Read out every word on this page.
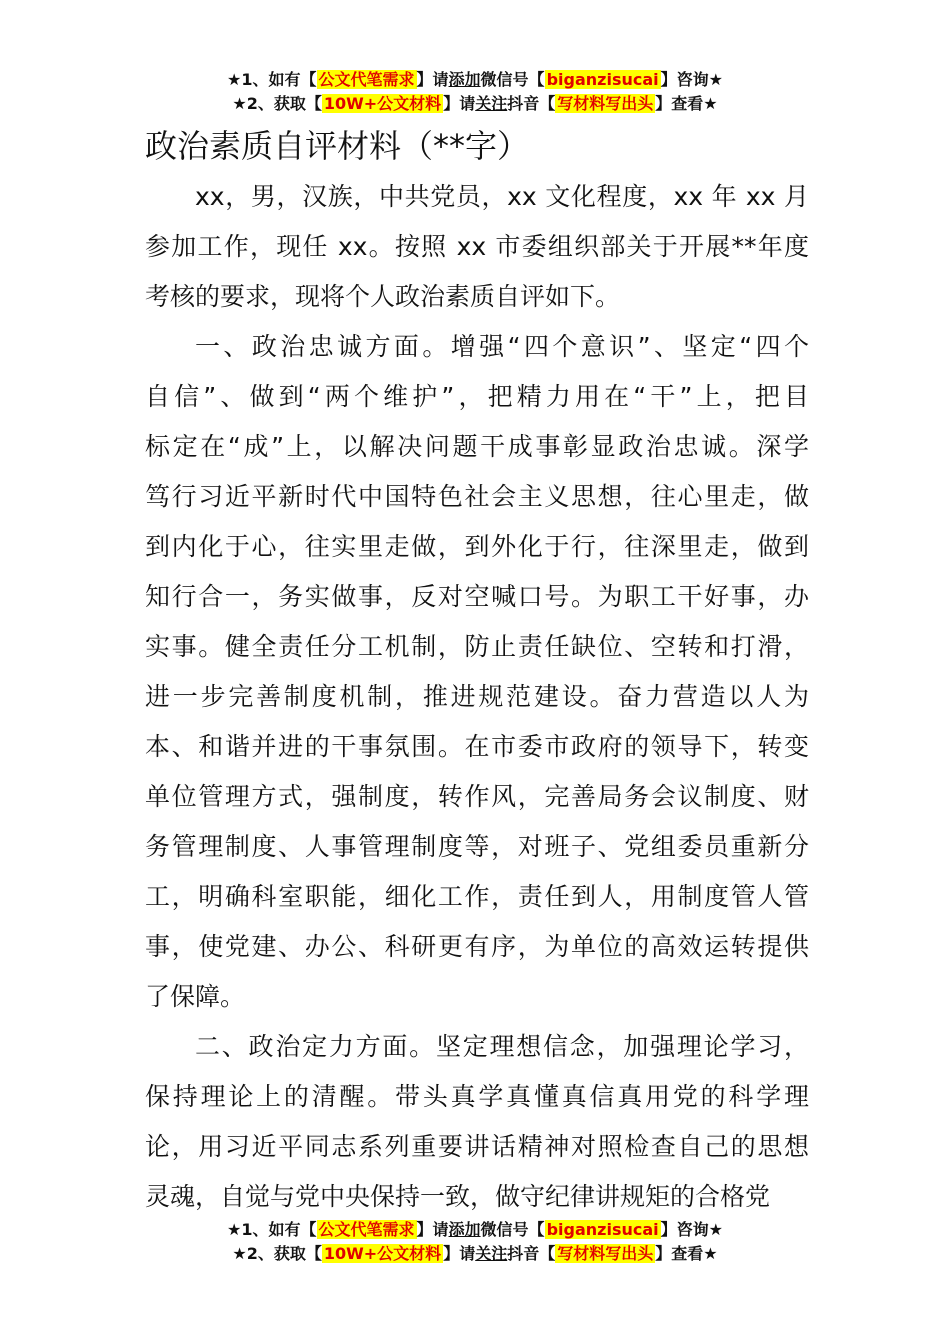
★1、如有【 公文代笔需求 】请添加微信号【 biganzisucai 】咨询★
★2、获取【 10W+公文材料 】请关注抖音【 写材料写出头 】查看★
政治素质自评材料（**字）
xx，男，汉族，中共党员，xx 文化程度，xx 年 xx 月
参加工作，现任 xx。按照 xx 市委组织部关于开展**年度
考核的要求，现将个人政治素质自评如下。
一、政治忠诚方面。增强“四个意识”、坚定“四个
自信”、做到“两个维护”，把精力用在“干”上，把目
标定在“成”上，以解决问题干成事彰显政治忠诚。深学
笃行习近平新时代中国特色社会主义思想，往心里走，做
到内化于心，往实里走做，到外化于行，往深里走，做到
知行合一，务实做事，反对空喊口号。为职工干好事，办
实事。健全责任分工机制，防止责任缺位、空转和打滑，
进一步完善制度机制，推进规范建设。奋力营造以人为
本、和谐并进的干事氛围。在市委市政府的领导下，转变
单位管理方式，强制度，转作风，完善局务会议制度、财
务管理制度、人事管理制度等，对班子、党组委员重新分
工，明确科室职能，细化工作，责任到人，用制度管人管
事，使党建、办公、科研更有序，为单位的高效运转提供
了保障。
二、政治定力方面。坚定理想信念，加强理论学习，
保持理论上的清醒。带头真学真懂真信真用党的科学理
论，用习近平同志系列重要讲话精神对照检查自己的思想
灵魂，自觉与党中央保持一致，做守纪律讲规矩的合格党
★1、如有【 公文代笔需求 】请添加微信号【 biganzisucai 】咨询★
★2、获取【 10W+公文材料 】请关注抖音【 写材料写出头 】查看★
